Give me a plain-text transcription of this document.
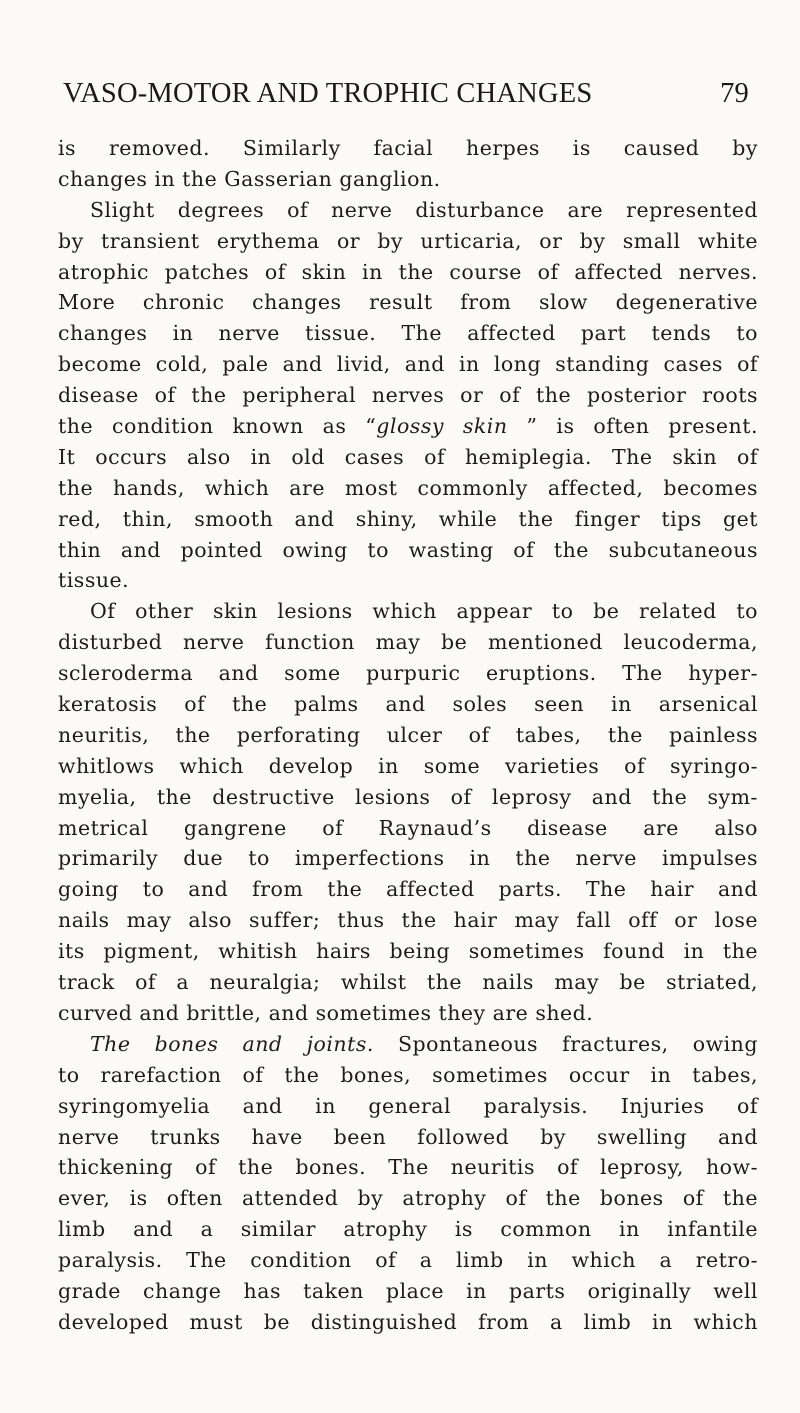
VASO-MOTOR AND TROPHIC CHANGES	79
is removed. Similarly facial herpes is caused by
changes in the Gasserian ganglion.
Slight degrees of nerve disturbance are represented
by transient erythema or by urticaria, or by small white
atrophic patches of skin in the course of affected nerves.
More chronic changes result from slow degenerative
changes in nerve tissue. The affected part tends to
become cold, pale and livid, and in long standing cases of
disease of the peripheral nerves or of the posterior roots
the condition known as “glossy skin ” is often present.
It occurs also in old cases of hemiplegia. The skin of
the hands, which are most commonly affected, becomes
red, thin, smooth and shiny, while the finger tips get
thin and pointed owing to wasting of the subcutaneous
tissue.
Of other skin lesions which appear to be related to
disturbed nerve function may be mentioned leucoderma,
scleroderma and some purpuric eruptions. The hyper-
keratosis of the palms and soles seen in arsenical
neuritis, the perforating ulcer of tabes, the painless
whitlows which develop in some varieties of syringo-
myelia, the destructive lesions of leprosy and the sym-
metrical gangrene of Raynaud’s disease are also
primarily due to imperfections in the nerve impulses
going to and from the affected parts. The hair and
nails may also suffer; thus the hair may fall off or lose
its pigment, whitish hairs being sometimes found in the
track of a neuralgia; whilst the nails may be striated,
curved and brittle, and sometimes they are shed.
The bones and joints. Spontaneous fractures, owing
to rarefaction of the bones, sometimes occur in tabes,
syringomyelia and in general paralysis. Injuries of
nerve trunks have been followed by swelling and
thickening of the bones. The neuritis of leprosy, how-
ever, is often attended by atrophy of the bones of the
limb and a similar atrophy is common in infantile
paralysis. The condition of a limb in which a retro-
grade change has taken place in parts originally well
developed must be distinguished from a limb in which
